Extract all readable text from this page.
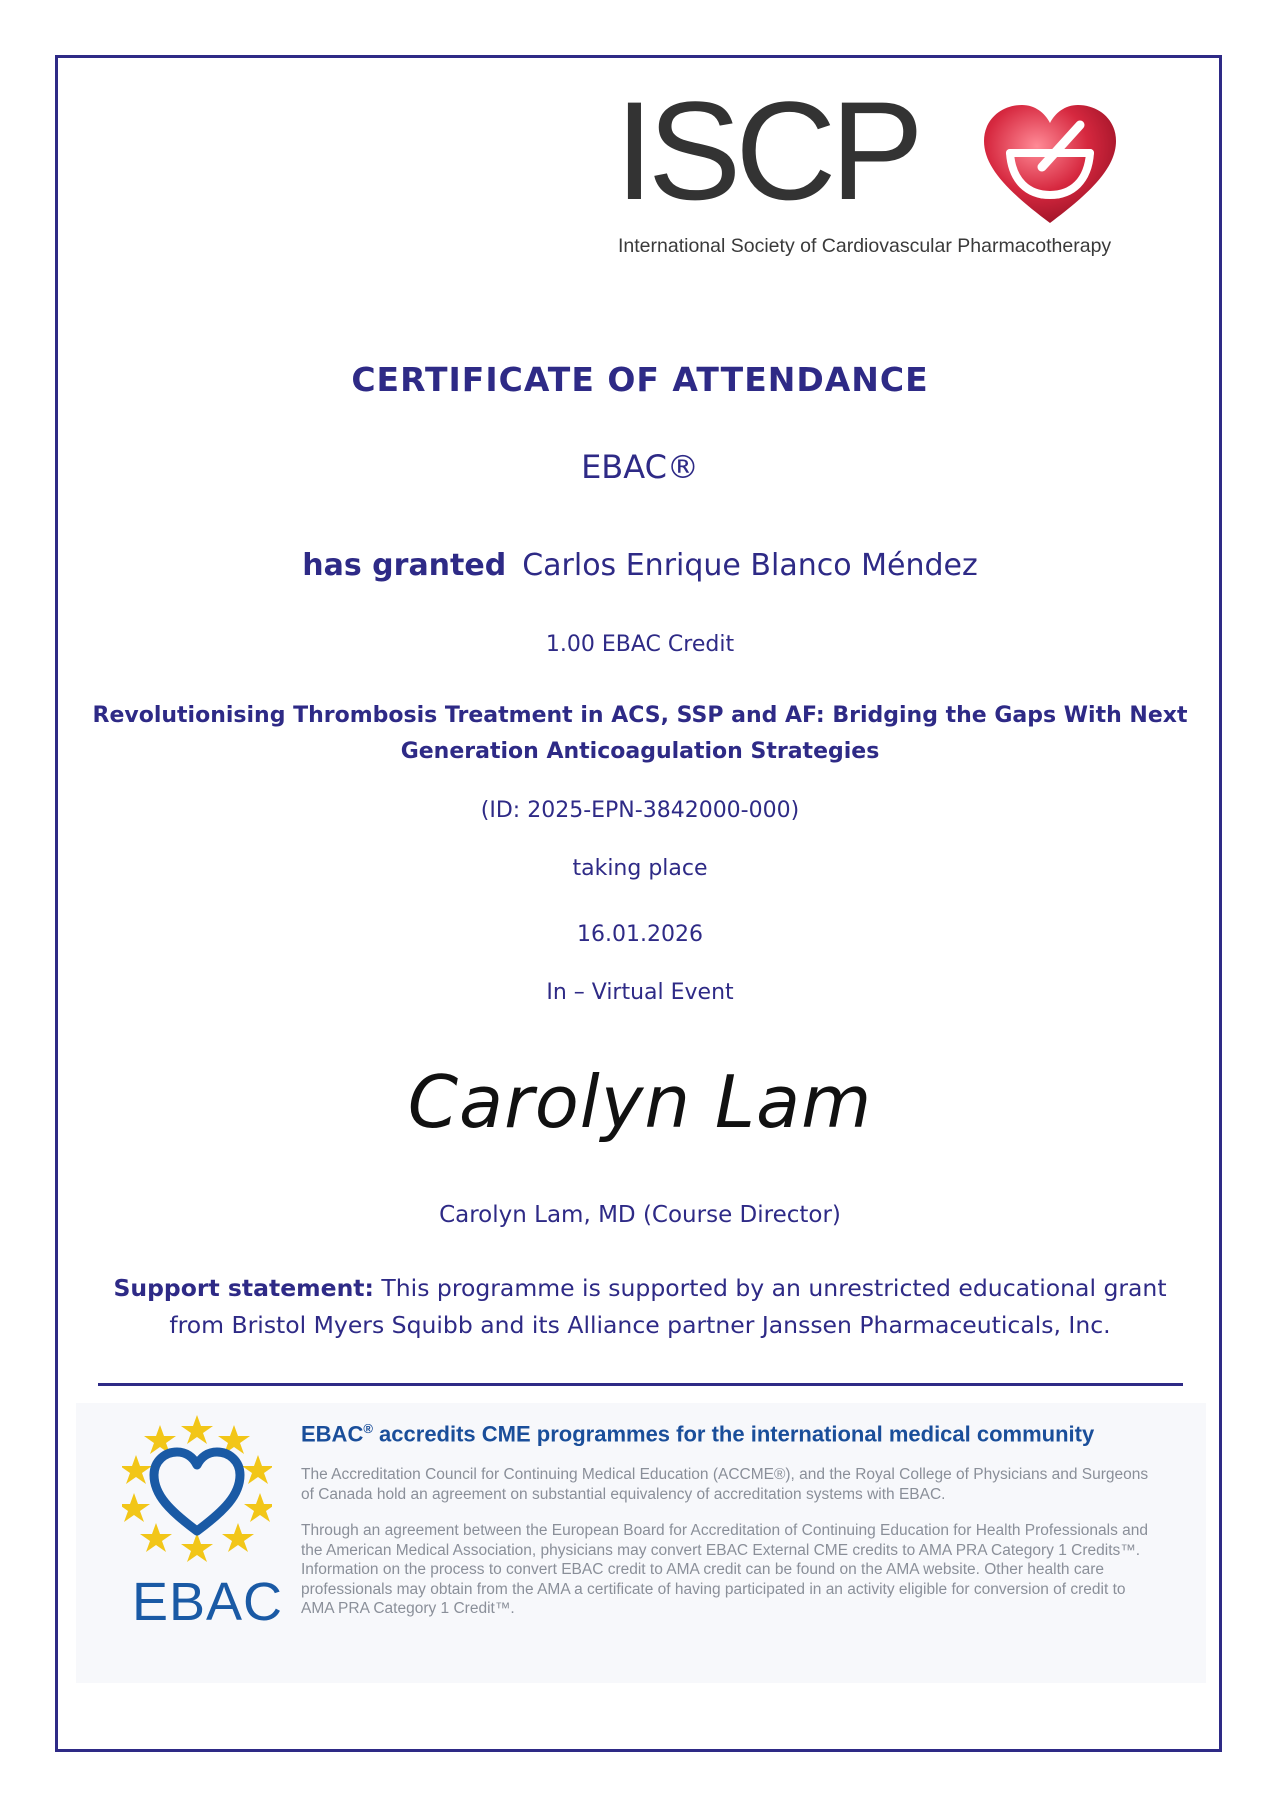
ISCP
International Society of Cardiovascular Pharmacotherapy
CERTIFICATE OF ATTENDANCE
EBAC®
has granted Carlos Enrique Blanco Méndez
1.00 EBAC Credit
Revolutionising Thrombosis Treatment in ACS, SSP and AF: Bridging the Gaps With Next Generation Anticoagulation Strategies
(ID: 2025-EPN-3842000-000)
taking place
16.01.2026
In – Virtual Event
Carolyn Lam
Carolyn Lam, MD (Course Director)
Support statement: This programme is supported by an unrestricted educational grant from Bristol Myers Squibb and its Alliance partner Janssen Pharmaceuticals, Inc.
EBAC
EBAC® accredits CME programmes for the international medical community
The Accreditation Council for Continuing Medical Education (ACCME®), and the Royal College of Physicians and Surgeons of Canada hold an agreement on substantial equivalency of accreditation systems with EBAC.
Through an agreement between the European Board for Accreditation of Continuing Education for Health Professionals and the American Medical Association, physicians may convert EBAC External CME credits to AMA PRA Category 1 Credits™. Information on the process to convert EBAC credit to AMA credit can be found on the AMA website. Other health care professionals may obtain from the AMA a certificate of having participated in an activity eligible for conversion of credit to AMA PRA Category 1 Credit™.
